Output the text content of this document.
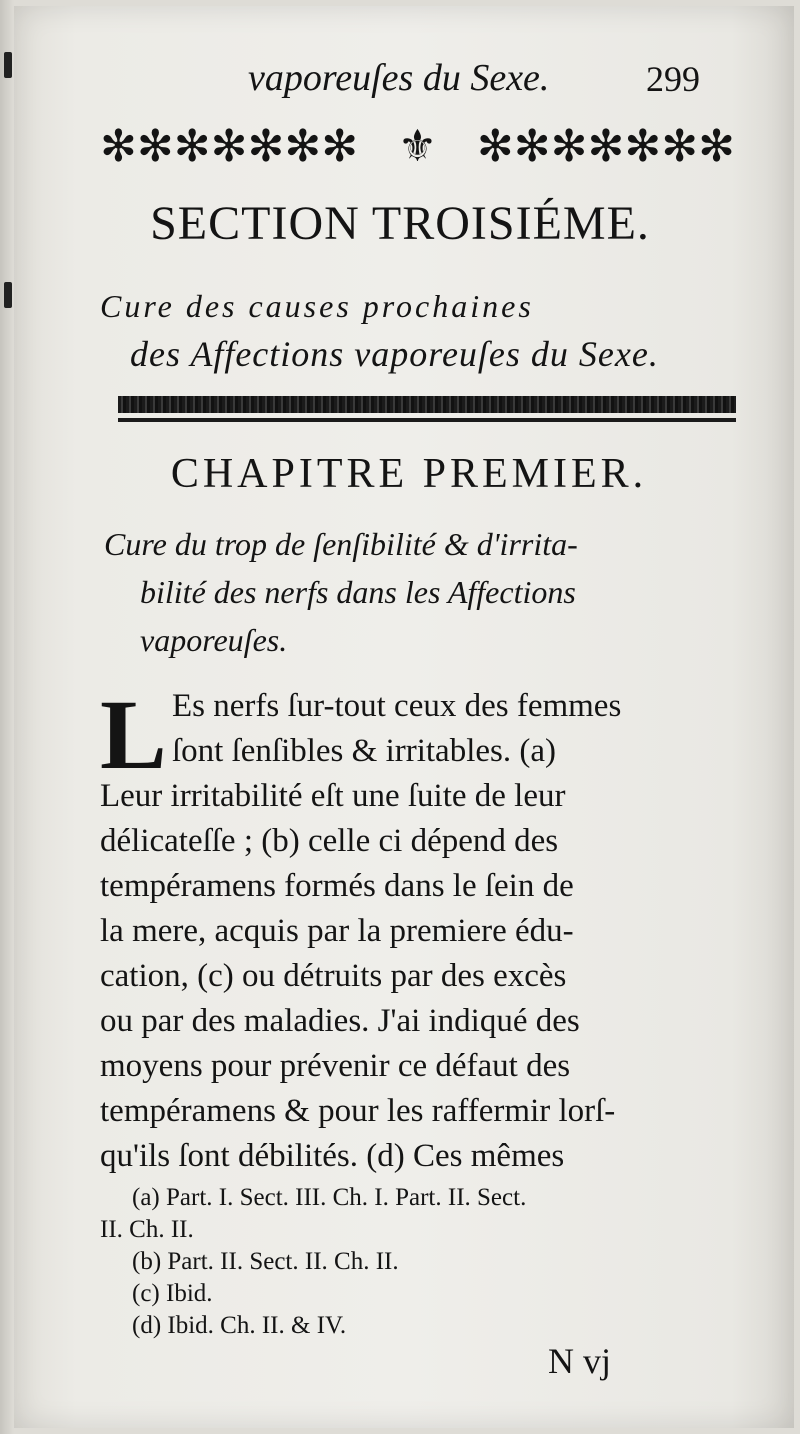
vaporeuſes du Sexe.	299
✻✻✻✻✻✻✻ ⚜ ✻✻✻✻✻✻✻
SECTION TROISIÉME.
Cure des causes prochaines
des Affections vaporeuſes du Sexe.
CHAPITRE PREMIER.
Cure du trop de ſenſibilité & d'irrita-
bilité des nerfs dans les Affections
vaporeuſes.
L Es nerfs ſur-tout ceux des femmes
ſont ſenſibles & irritables. (a)
Leur irritabilité eſt une ſuite de leur
délicateſſe ; (b) celle ci dépend des
tempéramens formés dans le ſein de
la mere, acquis par la premiere édu-
cation, (c) ou détruits par des excès
ou par des maladies. J'ai indiqué des
moyens pour prévenir ce défaut des
tempéramens & pour les raffermir lorſ-
qu'ils ſont débilités. (d) Ces mêmes
(a) Part. I. Sect. III. Ch. I. Part. II. Sect.
II. Ch. II.
(b) Part. II. Sect. II. Ch. II.
(c) Ibid.
(d) Ibid. Ch. II. & IV.
N vj
